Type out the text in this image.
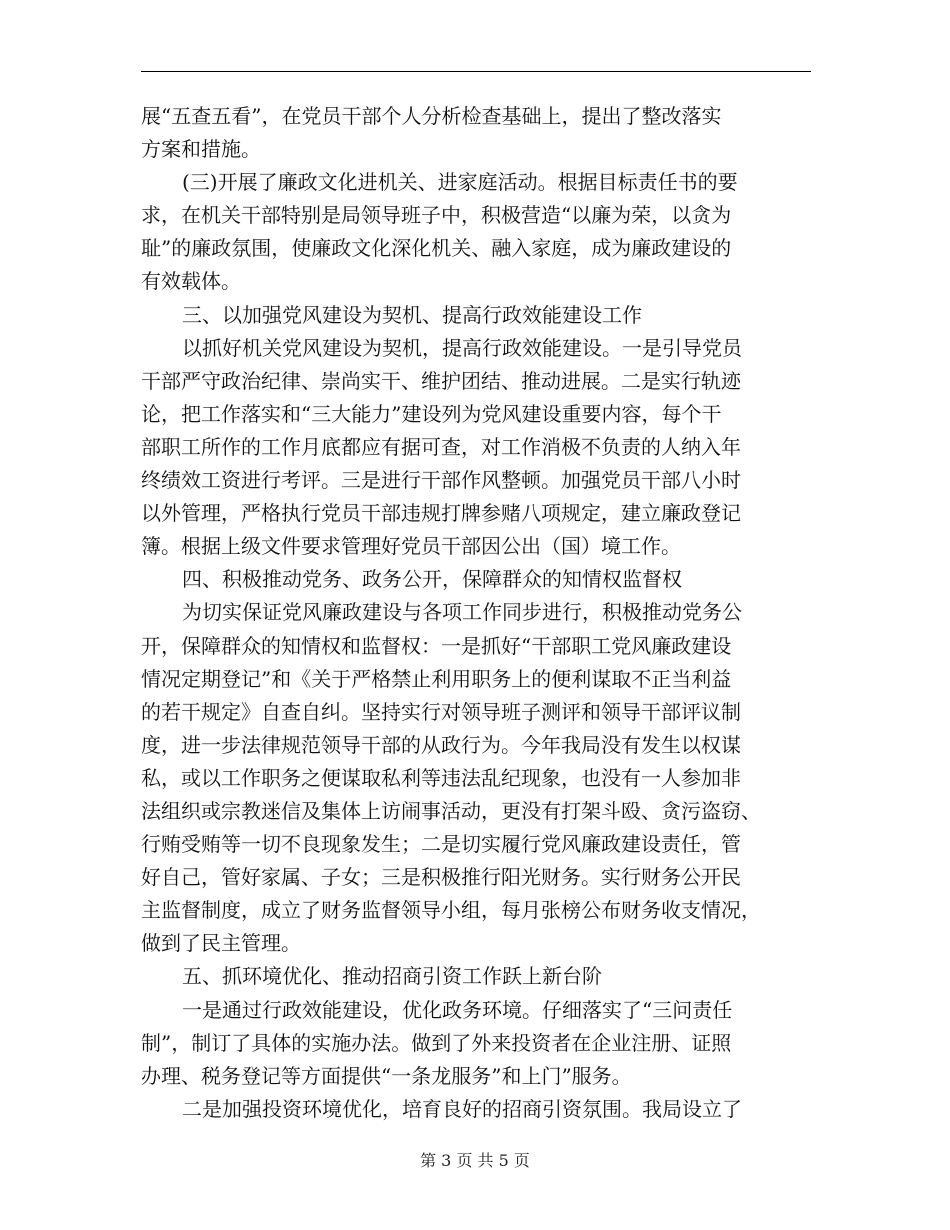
展“五查五看”，在党员干部个人分析检查基础上，提出了整改落实
方案和措施。
(三)开展了廉政文化进机关、进家庭活动。根据目标责任书的要
求，在机关干部特别是局领导班子中，积极营造“以廉为荣，以贪为
耻”的廉政氛围，使廉政文化深化机关、融入家庭，成为廉政建设的
有效载体。
三、以加强党风建设为契机、提高行政效能建设工作
以抓好机关党风建设为契机，提高行政效能建设。一是引导党员
干部严守政治纪律、崇尚实干、维护团结、推动进展。二是实行轨迹
论，把工作落实和“三大能力”建设列为党风建设重要内容，每个干
部职工所作的工作月底都应有据可查，对工作消极不负责的人纳入年
终绩效工资进行考评。三是进行干部作风整顿。加强党员干部八小时
以外管理，严格执行党员干部违规打牌参赌八项规定，建立廉政登记
簿。根据上级文件要求管理好党员干部因公出（国）境工作。
四、积极推动党务、政务公开，保障群众的知情权监督权
为切实保证党风廉政建设与各项工作同步进行，积极推动党务公
开，保障群众的知情权和监督权：一是抓好“干部职工党风廉政建设
情况定期登记”和《关于严格禁止利用职务上的便利谋取不正当利益
的若干规定》自查自纠。坚持实行对领导班子测评和领导干部评议制
度，进一步法律规范领导干部的从政行为。今年我局没有发生以权谋
私，或以工作职务之便谋取私利等违法乱纪现象，也没有一人参加非
法组织或宗教迷信及集体上访闹事活动，更没有打架斗殴、贪污盗窃、
行贿受贿等一切不良现象发生；二是切实履行党风廉政建设责任，管
好自己，管好家属、子女；三是积极推行阳光财务。实行财务公开民
主监督制度，成立了财务监督领导小组，每月张榜公布财务收支情况，
做到了民主管理。
五、抓环境优化、推动招商引资工作跃上新台阶
一是通过行政效能建设，优化政务环境。仔细落实了“三问责任
制”，制订了具体的实施办法。做到了外来投资者在企业注册、证照
办理、税务登记等方面提供“一条龙服务”和上门”服务。
二是加强投资环境优化，培育良好的招商引资氛围。我局设立了
第 3 页 共 5 页
